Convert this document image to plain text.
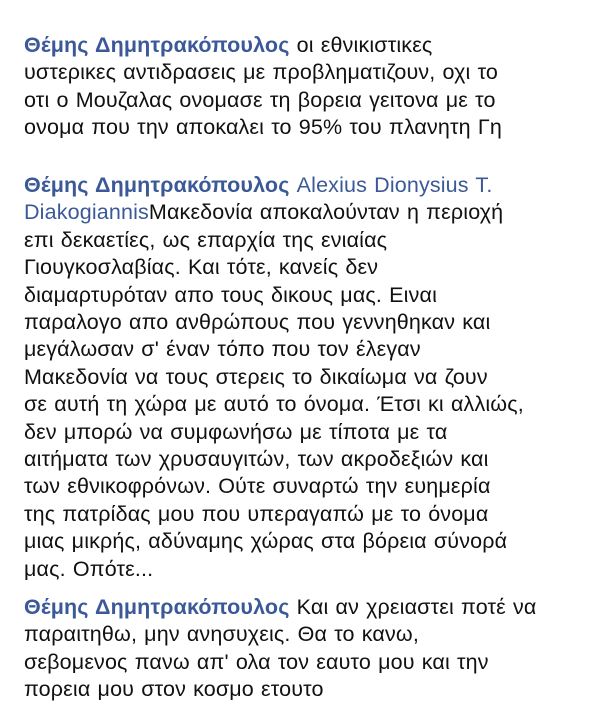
Θέμης Δημητρακόπουλος οι εθνικιστικες
υστερικες αντιδρασεις με προβληματιζουν, οχι το
οτι ο Μουζαλας ονομασε τη βορεια γειτονα με το
ονομα που την αποκαλει το 95% του πλανητη Γη
Θέμης Δημητρακόπουλος Alexius Dionysius T.
DiakogiannisΜακεδονία αποκαλούνταν η περιοχή
επι δεκαετίες, ως επαρχία της ενιαίας
Γιουγκοσλαβίας. Και τότε, κανείς δεν
διαμαρτυρόταν απο τους δικους μας. Ειναι
παραλογο απο ανθρώπους που γεννηθηκαν και
μεγάλωσαν σ' έναν τόπο που τον έλεγαν
Μακεδονία να τους στερεις το δικαίωμα να ζουν
σε αυτή τη χώρα με αυτό το όνομα. Έτσι κι αλλιώς,
δεν μπορώ να συμφωνήσω με τίποτα με τα
αιτήματα των χρυσαυγιτών, των ακροδεξιών και
των εθνικοφρόνων. Ούτε συναρτώ την ευημερία
της πατρίδας μου που υπεραγαπώ με το όνομα
μιας μικρής, αδύναμης χώρας στα βόρεια σύνορά
μας. Οπότε...
Θέμης Δημητρακόπουλος Και αν χρειαστει ποτέ να
παραιτηθω, μην ανησυχεις. Θα το κανω,
σεβομενος πανω απ' ολα τον εαυτο μου και την
πορεια μου στον κοσμο ετουτο
